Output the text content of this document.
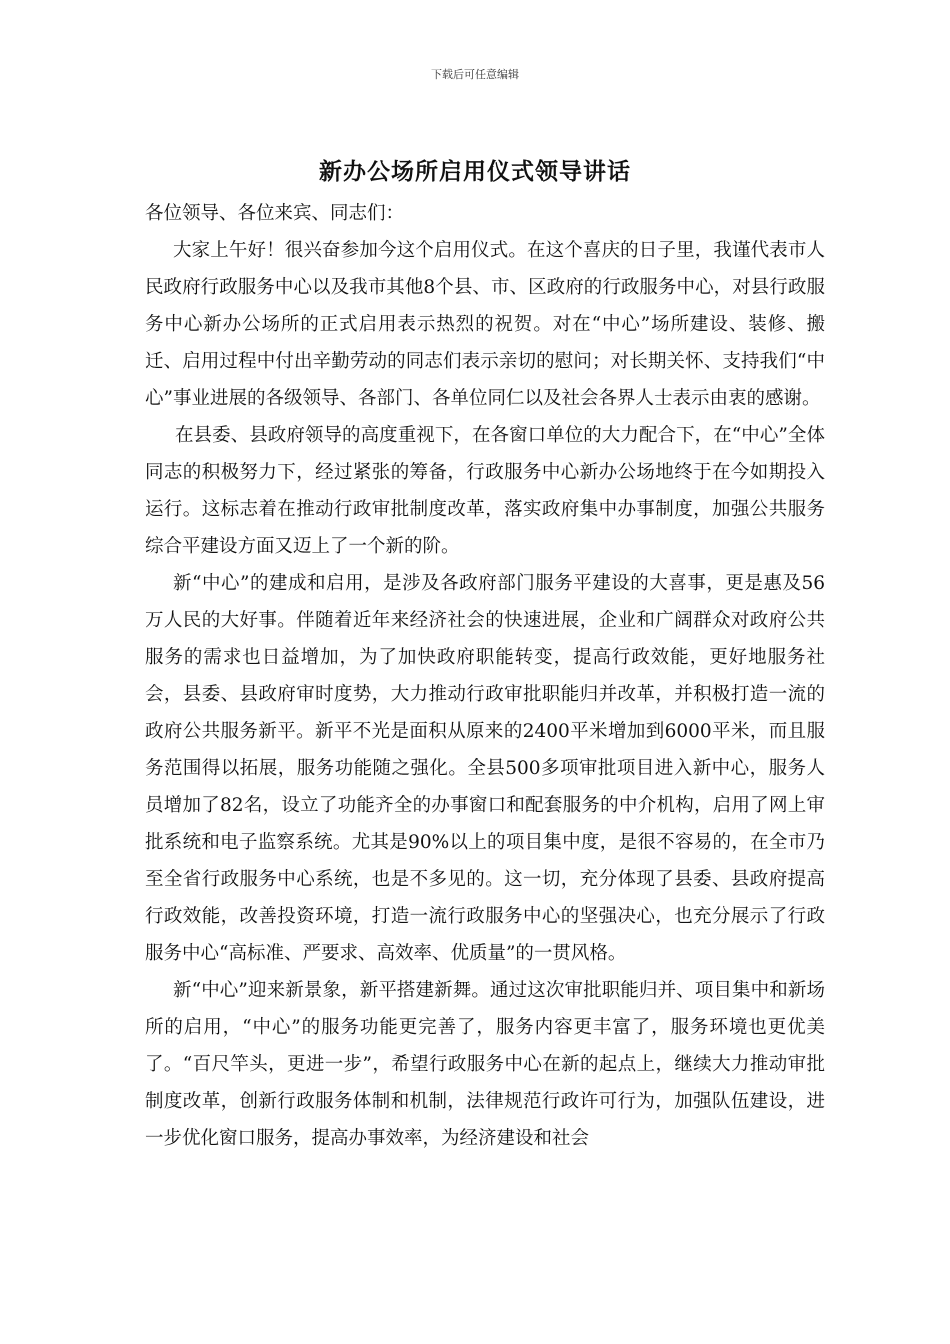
下载后可任意编辑
新办公场所启用仪式领导讲话

各位领导、各位来宾、同志们：

大家上午好！很兴奋参加今这个启用仪式。在这个喜庆的日子里，我谨代表市人民政府行政服务中心以及我市其他8个县、市、区政府的行政服务中心，对县行政服务中心新办公场所的正式启用表示热烈的祝贺。对在“中心”场所建设、装修、搬迁、启用过程中付出辛勤劳动的同志们表示亲切的慰问；对长期关怀、支持我们“中心”事业进展的各级领导、各部门、各单位同仁以及社会各界人士表示由衷的感谢。

在县委、县政府领导的高度重视下，在各窗口单位的大力配合下，在“中心”全体同志的积极努力下，经过紧张的筹备，行政服务中心新办公场地终于在今如期投入运行。这标志着在推动行政审批制度改革，落实政府集中办事制度，加强公共服务综合平建设方面又迈上了一个新的阶。

新“中心”的建成和启用，是涉及各政府部门服务平建设的大喜事，更是惠及56万人民的大好事。伴随着近年来经济社会的快速进展，企业和广阔群众对政府公共服务的需求也日益增加，为了加快政府职能转变，提高行政效能，更好地服务社会，县委、县政府审时度势，大力推动行政审批职能归并改革，并积极打造一流的政府公共服务新平。新平不光是面积从原来的2400平米增加到6000平米，而且服务范围得以拓展，服务功能随之强化。全县500多项审批项目进入新中心，服务人员增加了82名，设立了功能齐全的办事窗口和配套服务的中介机构，启用了网上审批系统和电子监察系统。尤其是90%以上的项目集中度，是很不容易的，在全市乃至全省行政服务中心系统，也是不多见的。这一切，充分体现了县委、县政府提高行政效能，改善投资环境，打造一流行政服务中心的坚强决心，也充分展示了行政服务中心“高标准、严要求、高效率、优质量”的一贯风格。

新“中心”迎来新景象，新平搭建新舞。通过这次审批职能归并、项目集中和新场所的启用，“中心”的服务功能更完善了，服务内容更丰富了，服务环境也更优美了。“百尺竿头，更进一步”，希望行政服务中心在新的起点上，继续大力推动审批制度改革，创新行政服务体制和机制，法律规范行政许可行为，加强队伍建设，进一步优化窗口服务，提高办事效率，为经济建设和社会
